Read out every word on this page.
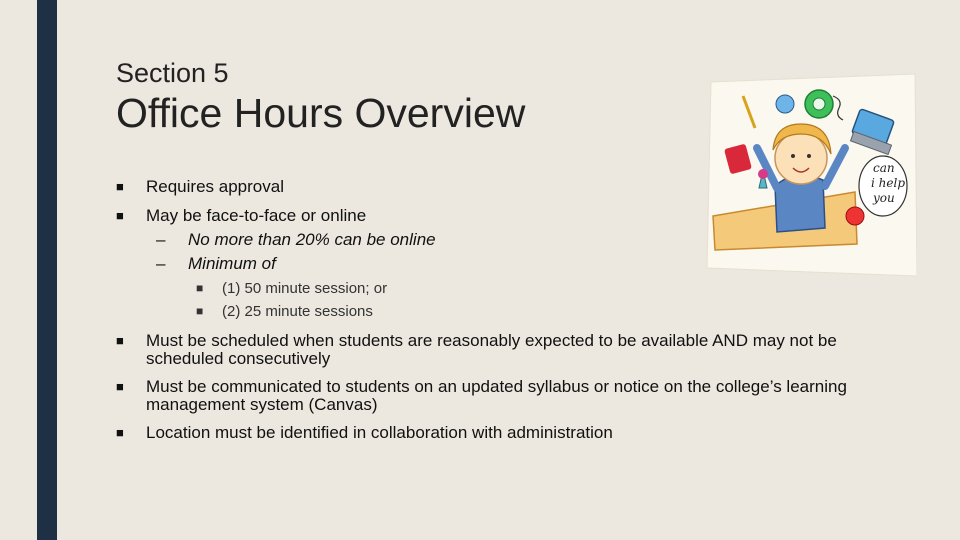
Section 5
Office Hours Overview
■ Requires approval
■ May be face-to-face or online
– No more than 20% can be online
– Minimum of
■ (1) 50 minute session; or
■ (2) 25 minute sessions
■ Must be scheduled when students are reasonably expected to be available AND may not be scheduled consecutively
■ Must be communicated to students on an updated syllabus or notice on the college’s learning management system (Canvas)
■ Location must be identified in collaboration with administration
can
i help
you
